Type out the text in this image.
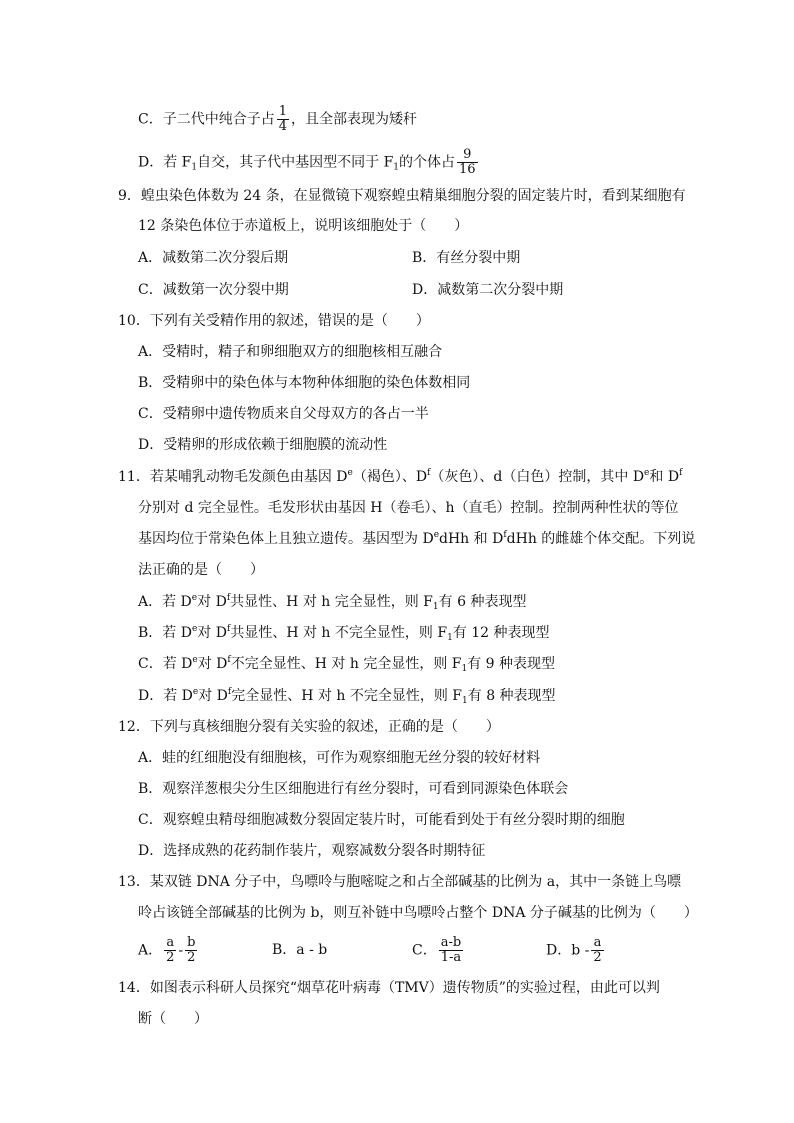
C．子二代中纯合子占 $\frac{1}{4}$ ，且全部表现为矮秆
D．若 $F_1$自交，其子代中基因型不同于 $F_1$的个体占 $\frac{9}{16}$
9．蝗虫染色体数为 24 条，在显微镜下观察蝗虫精巢细胞分裂的固定装片时，看到某细胞有
12 条染色体位于赤道板上，说明该细胞处于（　　）
A．减数第二次分裂后期	B．有丝分裂中期
C．减数第一次分裂中期	D．减数第二次分裂中期
10．下列有关受精作用的叙述，错误的是（　　）
A．受精时，精子和卵细胞双方的细胞核相互融合
B．受精卵中的染色体与本物种体细胞的染色体数相同
C．受精卵中遗传物质来自父母双方的各占一半
D．受精卵的形成依赖于细胞膜的流动性
11．若某哺乳动物毛发颜色由基因 De（褐色）、$D^f$（灰色）、d（白色）控制，其中 De和 $D^f$
分别对 d 完全显性。毛发形状由基因 H（卷毛）、h（直毛）控制。控制两种性状的等位
基因均位于常染色体上且独立遗传。基因型为 DedHh 和 $D^fdHh$ 的雌雄个体交配。下列说
法正确的是（　　）
A．若 De对 $D^f$共显性、H 对 h 完全显性，则 $F_1$有 6 种表现型
B．若 De对 $D^f$共显性、H 对 h 不完全显性，则 $F_1$有 12 种表现型
C．若 De对 $D^f$不完全显性、H 对 h 完全显性，则 $F_1$有 9 种表现型
D．若 De对 $D^f$完全显性、H 对 h 不完全显性，则 $F_1$有 8 种表现型
12．下列与真核细胞分裂有关实验的叙述，正确的是（　　）
A．蛙的红细胞没有细胞核，可作为观察细胞无丝分裂的较好材料
B．观察洋葱根尖分生区细胞进行有丝分裂时，可看到同源染色体联会
C．观察蝗虫精母细胞减数分裂固定装片时，可能看到处于有丝分裂时期的细胞
D．选择成熟的花药制作装片，观察减数分裂各时期特征
13．某双链 DNA 分子中，鸟嘌呤与胞嘧啶之和占全部碱基的比例为 a，其中一条链上鸟嘌
呤占该链全部碱基的比例为 b，则互补链中鸟嘌呤占整个 DNA 分子碱基的比例为（　　）
A． $\frac{a}{2} - \frac{b}{2}$	B．a - b	C． $\frac{a-b}{1-a}$	D．b - $\frac{a}{2}$
14．如图表示科研人员探究“烟草花叶病毒（TMV）遗传物质”的实验过程，由此可以判
断（　　）
